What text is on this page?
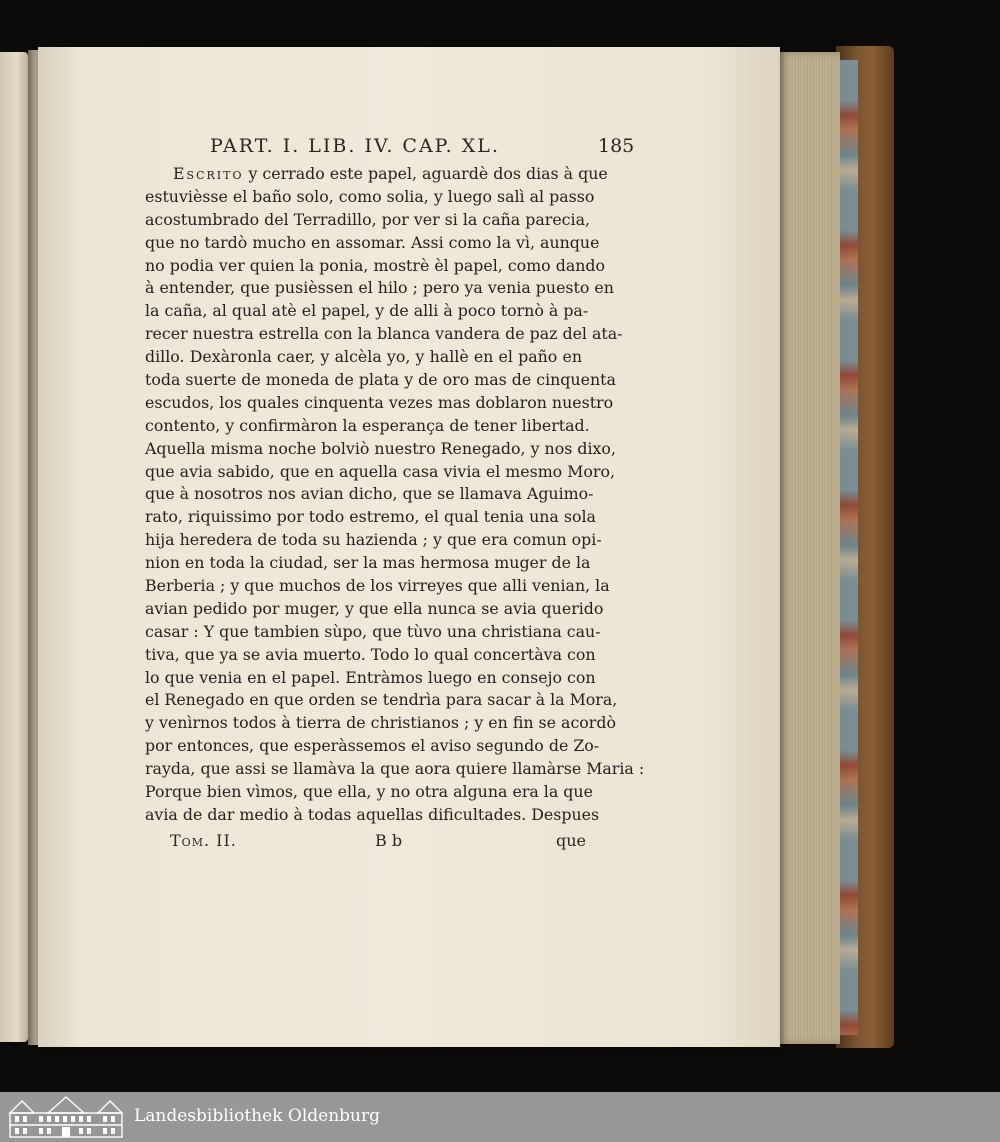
PART. I. LIB. IV. CAP. XL.	185
Escrito y cerrado este papel, aguardè dos dias à que
estuvièsse el baño solo, como solia, y luego salì al passo
acostumbrado del Terradillo, por ver si la caña parecia,
que no tardò mucho en assomar. Assi como la vì, aunque
no podia ver quien la ponia, mostrè èl papel, como dando
à entender, que pusièssen el hilo ; pero ya venia puesto en
la caña, al qual atè el papel, y de alli à poco tornò à pa-
recer nuestra estrella con la blanca vandera de paz del ata-
dillo. Dexàronla caer, y alcèla yo, y hallè en el paño en
toda suerte de moneda de plata y de oro mas de cinquenta
escudos, los quales cinquenta vezes mas doblaron nuestro
contento, y confirmàron la esperança de tener libertad.
Aquella misma noche bolviò nuestro Renegado, y nos dixo,
que avia sabido, que en aquella casa vivia el mesmo Moro,
que à nosotros nos avian dicho, que se llamava Aguimo-
rato, riquissimo por todo estremo, el qual tenia una sola
hija heredera de toda su hazienda ; y que era comun opi-
nion en toda la ciudad, ser la mas hermosa muger de la
Berberia ; y que muchos de los virreyes que alli venian, la
avian pedido por muger, y que ella nunca se avia querido
casar : Y que tambien sùpo, que tùvo una christiana cau-
tiva, que ya se avia muerto. Todo lo qual concertàva con
lo que venia en el papel. Entràmos luego en consejo con
el Renegado en que orden se tendrìa para sacar à la Mora,
y venìrnos todos à tierra de christianos ; y en fin se acordò
por entonces, que esperàssemos el aviso segundo de Zo-
rayda, que assi se llamàva la que aora quiere llamàrse Maria :
Porque bien vìmos, que ella, y no otra alguna era la que
avia de dar medio à todas aquellas dificultades. Despues
Tom. II.	B b	que
Landesbibliothek Oldenburg
